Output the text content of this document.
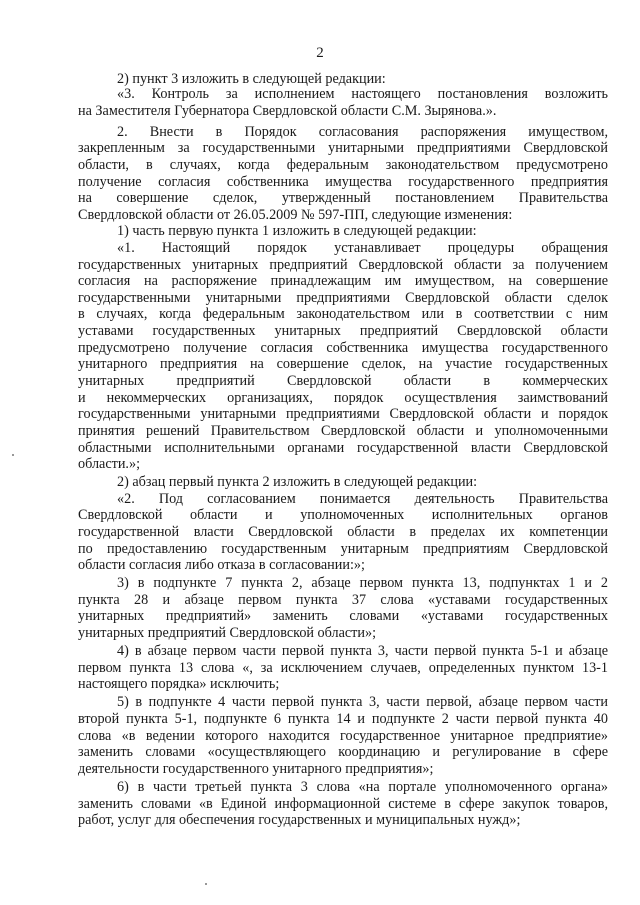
2
2) пункт 3 изложить в следующей редакции:
«3. Контроль за исполнением настоящего постановления возложить
на Заместителя Губернатора Свердловской области С.М. Зырянова.».
2. Внести в Порядок согласования распоряжения имуществом,
закрепленным за государственными унитарными предприятиями Свердловской
области, в случаях, когда федеральным законодательством предусмотрено
получение согласия собственника имущества государственного предприятия
на совершение сделок, утвержденный постановлением Правительства
Свердловской области от 26.05.2009 № 597-ПП, следующие изменения:
1) часть первую пункта 1 изложить в следующей редакции:
«1. Настоящий порядок устанавливает процедуры обращения
государственных унитарных предприятий Свердловской области за получением
согласия на распоряжение принадлежащим им имуществом, на совершение
государственными унитарными предприятиями Свердловской области сделок
в случаях, когда федеральным законодательством или в соответствии с ним
уставами государственных унитарных предприятий Свердловской области
предусмотрено получение согласия собственника имущества государственного
унитарного предприятия на совершение сделок, на участие государственных
унитарных предприятий Свердловской области в коммерческих
и некоммерческих организациях, порядок осуществления заимствований
государственными унитарными предприятиями Свердловской области и порядок
принятия решений Правительством Свердловской области и уполномоченными
областными исполнительными органами государственной власти Свердловской
области.»;
2) абзац первый пункта 2 изложить в следующей редакции:
«2. Под согласованием понимается деятельность Правительства
Свердловской области и уполномоченных исполнительных органов
государственной власти Свердловской области в пределах их компетенции
по предоставлению государственным унитарным предприятиям Свердловской
области согласия либо отказа в согласовании:»;
3) в подпункте 7 пункта 2, абзаце первом пункта 13, подпунктах 1 и 2
пункта 28 и абзаце первом пункта 37 слова «уставами государственных
унитарных предприятий» заменить словами «уставами государственных
унитарных предприятий Свердловской области»;
4) в абзаце первом части первой пункта 3, части первой пункта 5-1 и абзаце
первом пункта 13 слова «, за исключением случаев, определенных пунктом 13-1
настоящего порядка» исключить;
5) в подпункте 4 части первой пункта 3, части первой, абзаце первом части
второй пункта 5-1, подпункте 6 пункта 14 и подпункте 2 части первой пункта 40
слова «в ведении которого находится государственное унитарное предприятие»
заменить словами «осуществляющего координацию и регулирование в сфере
деятельности государственного унитарного предприятия»;
6) в части третьей пункта 3 слова «на портале уполномоченного органа»
заменить словами «в Единой информационной системе в сфере закупок товаров,
работ, услуг для обеспечения государственных и муниципальных нужд»;
